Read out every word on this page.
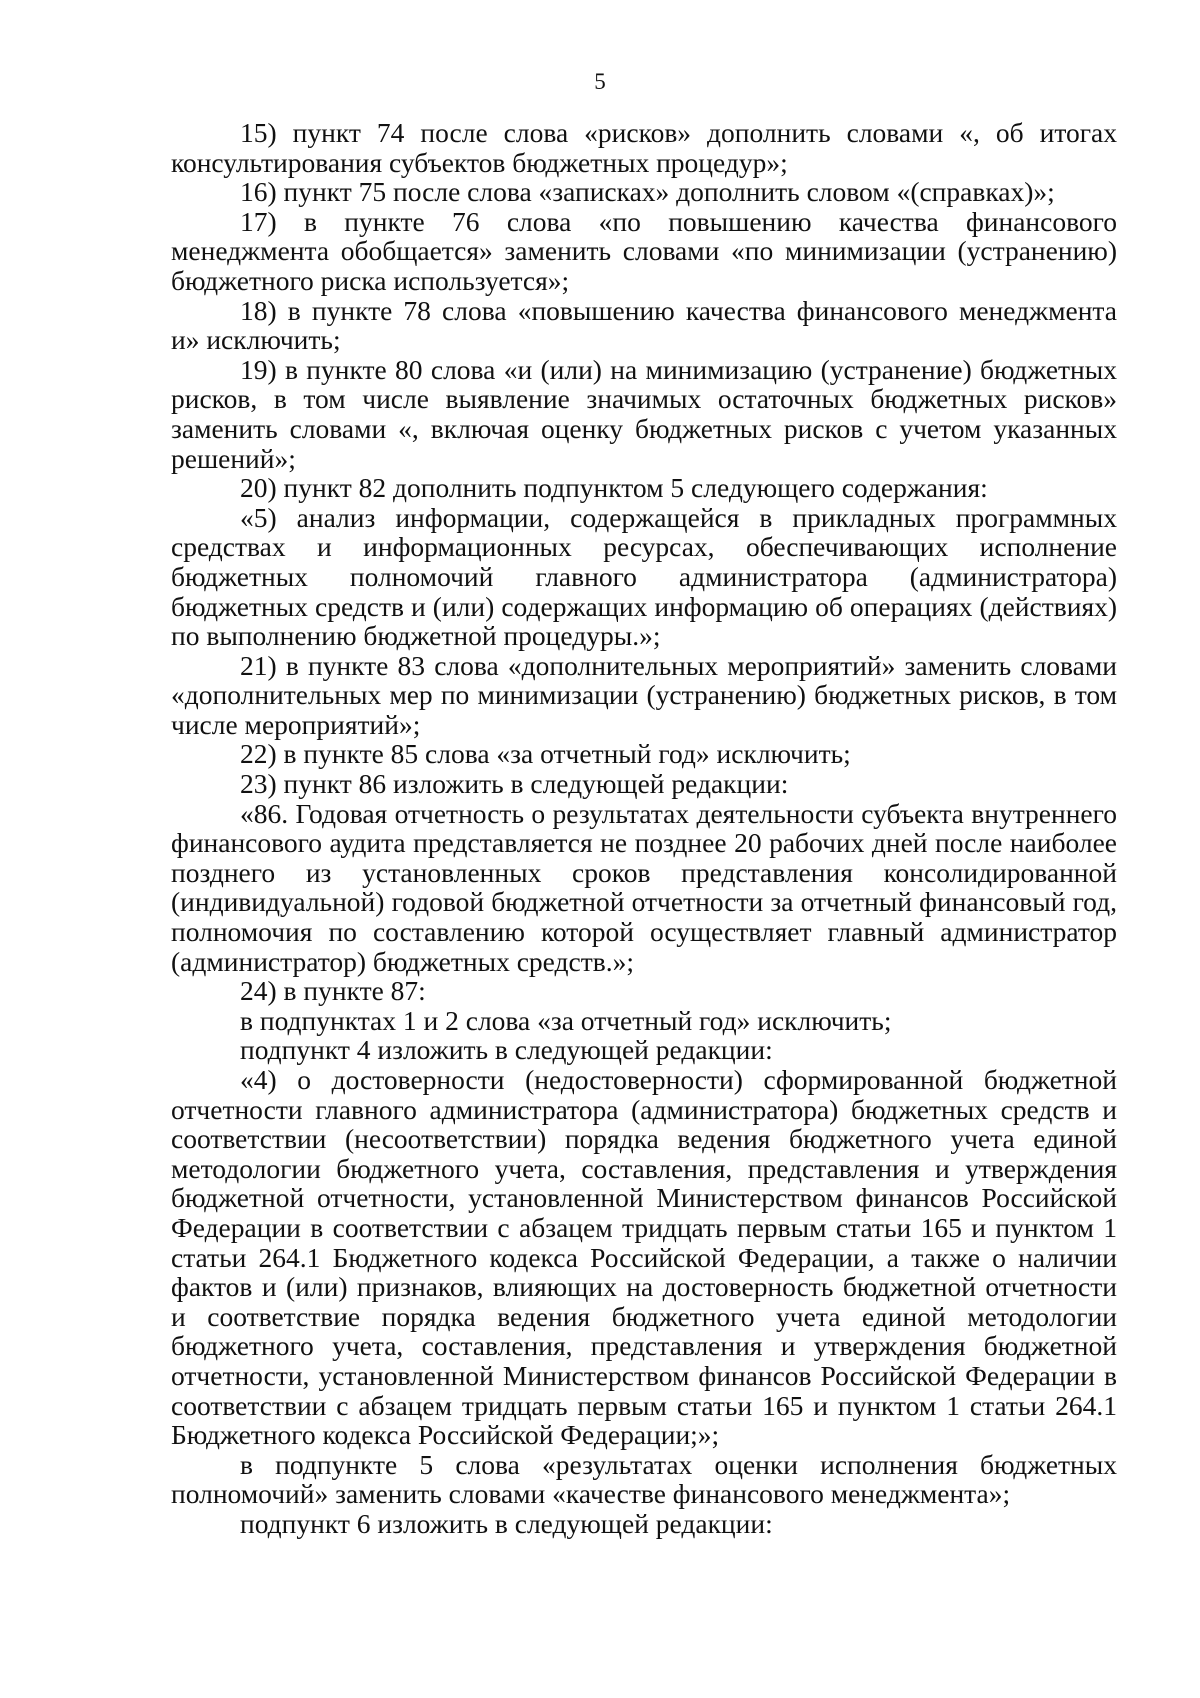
5

15) пункт 74 после слова «рисков» дополнить словами «, об итогах консультирования субъектов бюджетных процедур»;

16) пункт 75 после слова «записках» дополнить словом «(справках)»;

17) в пункте 76 слова «по повышению качества финансового менеджмента обобщается» заменить словами «по минимизации (устранению) бюджетного риска используется»;

18) в пункте 78 слова «повышению качества финансового менеджмента и» исключить;

19) в пункте 80 слова «и (или) на минимизацию (устранение) бюджетных рисков, в том числе выявление значимых остаточных бюджетных рисков» заменить словами «, включая оценку бюджетных рисков с учетом указанных решений»;

20) пункт 82 дополнить подпунктом 5 следующего содержания:

«5) анализ информации, содержащейся в прикладных программных средствах и информационных ресурсах, обеспечивающих исполнение бюджетных полномочий главного администратора (администратора) бюджетных средств и (или) содержащих информацию об операциях (действиях) по выполнению бюджетной процедуры.»;

21) в пункте 83 слова «дополнительных мероприятий» заменить словами «дополнительных мер по минимизации (устранению) бюджетных рисков, в том числе мероприятий»;

22) в пункте 85 слова «за отчетный год» исключить;

23) пункт 86 изложить в следующей редакции:

«86. Годовая отчетность о результатах деятельности субъекта внутреннего финансового аудита представляется не позднее 20 рабочих дней после наиболее позднего из установленных сроков представления консолидированной (индивидуальной) годовой бюджетной отчетности за отчетный финансовый год, полномочия по составлению которой осуществляет главный администратор (администратор) бюджетных средств.»;

24) в пункте 87:

в подпунктах 1 и 2 слова «за отчетный год» исключить;

подпункт 4 изложить в следующей редакции:

«4) о достоверности (недостоверности) сформированной бюджетной отчетности главного администратора (администратора) бюджетных средств и соответствии (несоответствии) порядка ведения бюджетного учета единой методологии бюджетного учета, составления, представления и утверждения бюджетной отчетности, установленной Министерством финансов Российской Федерации в соответствии с абзацем тридцать первым статьи 165 и пунктом 1 статьи 264.1 Бюджетного кодекса Российской Федерации, а также о наличии фактов и (или) признаков, влияющих на достоверность бюджетной отчетности и соответствие порядка ведения бюджетного учета единой методологии бюджетного учета, составления, представления и утверждения бюджетной отчетности, установленной Министерством финансов Российской Федерации в соответствии с абзацем тридцать первым статьи 165 и пунктом 1 статьи 264.1 Бюджетного кодекса Российской Федерации;»;

в подпункте 5 слова «результатах оценки исполнения бюджетных полномочий» заменить словами «качестве финансового менеджмента»;

подпункт 6 изложить в следующей редакции:
